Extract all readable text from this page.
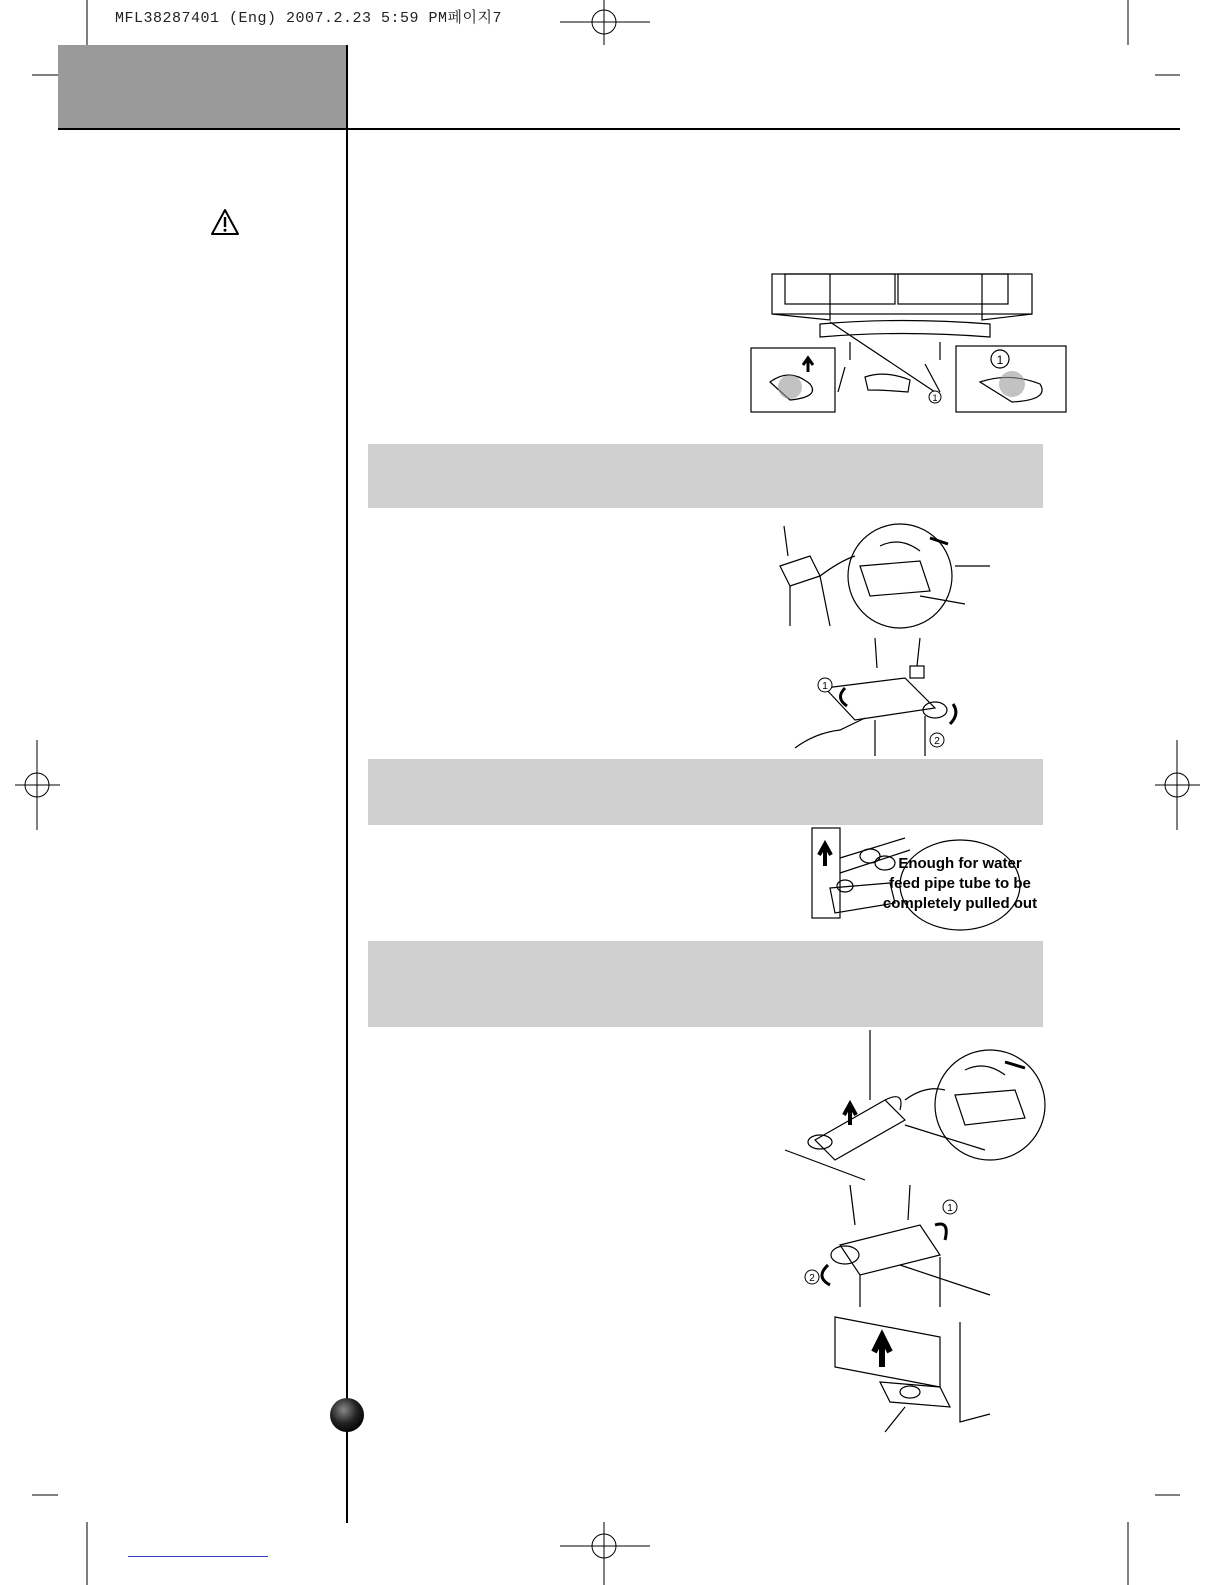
MFL38287401 (Eng) 2007.2.23 5:59 PM페이지7
1
1
1
2
Enough for water
feed pipe tube to be
completely pulled out
1
2
